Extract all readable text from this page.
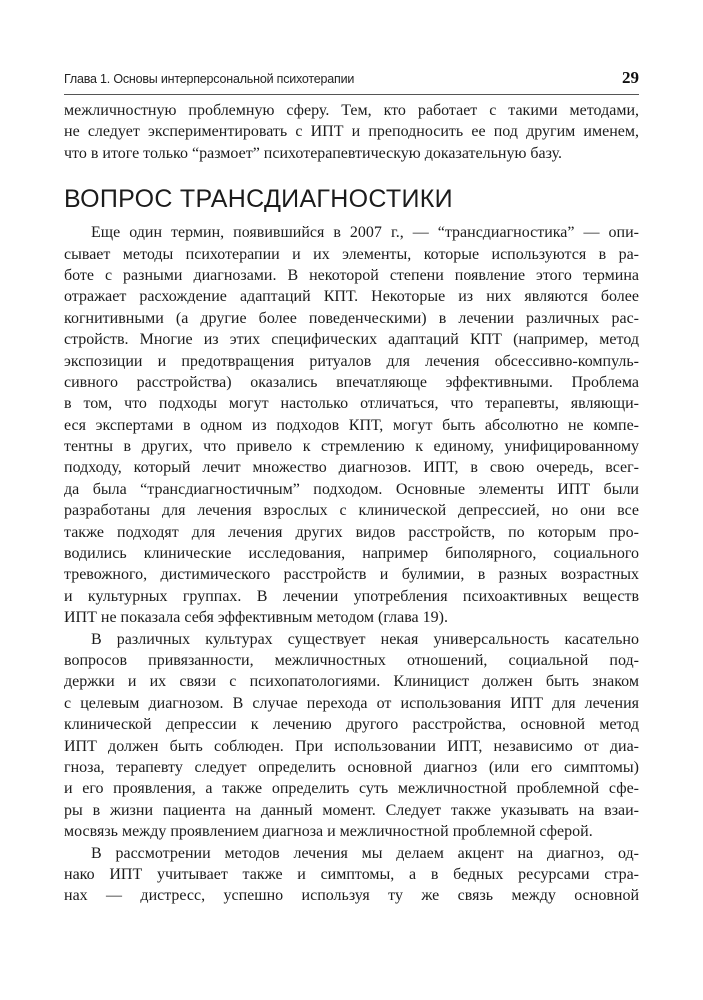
Глава 1. Основы интерперсональной психотерапии	29
межличностную проблемную сферу. Тем, кто работает с такими методами,
не следует экспериментировать с ИПТ и преподносить ее под другим именем,
что в итоге только “размоет” психотерапевтическую доказательную базу.
ВОПРОС ТРАНСДИАГНОСТИКИ
Еще один термин, появившийся в 2007 г., — “трансдиагностика” — опи-
сывает методы психотерапии и их элементы, которые используются в ра-
боте с разными диагнозами. В некоторой степени появление этого термина
отражает расхождение адаптаций КПТ. Некоторые из них являются более
когнитивными (а другие более поведенческими) в лечении различных рас-
стройств. Многие из этих специфических адаптаций КПТ (например, метод
экспозиции и предотвращения ритуалов для лечения обсессивно-компуль-
сивного расстройства) оказались впечатляюще эффективными. Проблема
в том, что подходы могут настолько отличаться, что терапевты, являющи-
еся экспертами в одном из подходов КПТ, могут быть абсолютно не компе-
тентны в других, что привело к стремлению к единому, унифицированному
подходу, который лечит множество диагнозов. ИПТ, в свою очередь, всег-
да была “трансдиагностичным” подходом. Основные элементы ИПТ были
разработаны для лечения взрослых с клинической депрессией, но они все
также подходят для лечения других видов расстройств, по которым про-
водились клинические исследования, например биполярного, социального
тревожного, дистимического расстройств и булимии, в разных возрастных
и культурных группах. В лечении употребления психоактивных веществ
ИПТ не показала себя эффективным методом (глава 19).
В различных культурах существует некая универсальность касательно
вопросов привязанности, межличностных отношений, социальной под-
держки и их связи с психопатологиями. Клиницист должен быть знаком
с целевым диагнозом. В случае перехода от использования ИПТ для лечения
клинической депрессии к лечению другого расстройства, основной метод
ИПТ должен быть соблюден. При использовании ИПТ, независимо от диа-
гноза, терапевту следует определить основной диагноз (или его симптомы)
и его проявления, а также определить суть межличностной проблемной сфе-
ры в жизни пациента на данный момент. Следует также указывать на взаи-
мосвязь между проявлением диагноза и межличностной проблемной сферой.
В рассмотрении методов лечения мы делаем акцент на диагноз, од-
нако ИПТ учитывает также и симптомы, а в бедных ресурсами стра-
нах — дистресс, успешно используя ту же связь между основной
